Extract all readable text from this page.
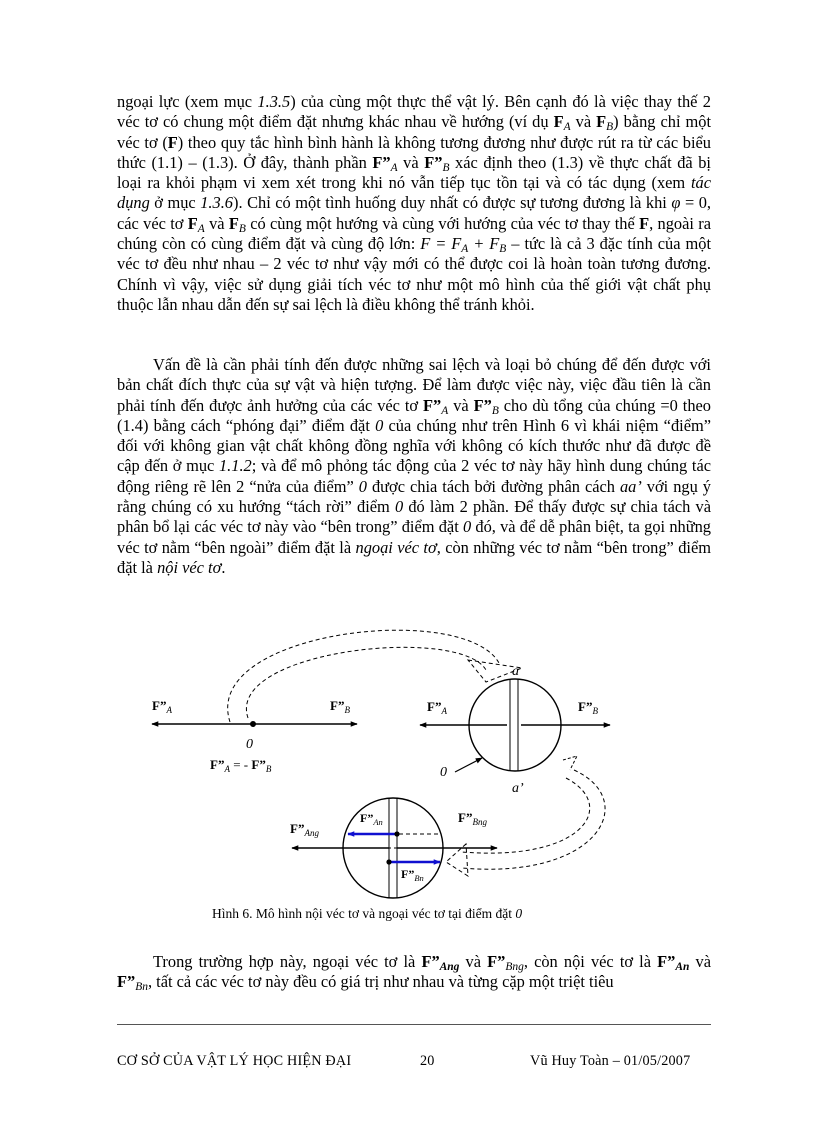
ngoại lực (xem mục 1.3.5) của cùng một thực thể vật lý. Bên cạnh đó là việc thay thế 2 véc tơ có chung một điểm đặt nhưng khác nhau về hướng (ví dụ $F_A$ và $F_B$) bằng chỉ một véc tơ (F) theo quy tắc hình bình hành là không tương đương như được rút ra từ các biểu thức (1.1) – (1.3). Ở đây, thành phần $F”_A$ và $F”_B$ xác định theo (1.3) về thực chất đã bị loại ra khỏi phạm vi xem xét trong khi nó vẫn tiếp tục tồn tại và có tác dụng (xem tác dụng ở mục 1.3.6). Chỉ có một tình huống duy nhất có được sự tương đương là khi φ = 0, các véc tơ $F_A$ và $F_B$ có cùng một hướng và cùng với hướng của véc tơ thay thế F, ngoài ra chúng còn có cùng điểm đặt và cùng độ lớn: $F = F_A + F_B$ – tức là cả 3 đặc tính của một véc tơ đều như nhau – 2 véc tơ như vậy mới có thể được coi là hoàn toàn tương đương. Chính vì vậy, việc sử dụng giải tích véc tơ như một mô hình của thế giới vật chất phụ thuộc lẫn nhau dẫn đến sự sai lệch là điều không thể tránh khỏi.

Vấn đề là cần phải tính đến được những sai lệch và loại bỏ chúng để đến được với bản chất đích thực của sự vật và hiện tượng. Để làm được việc này, việc đầu tiên là cần phải tính đến được ảnh hưởng của các véc tơ $F”_A$ và $F”_B$ cho dù tổng của chúng =0 theo (1.4) bằng cách “phóng đại” điểm đặt 0 của chúng như trên Hình 6 vì khái niệm “điểm” đối với không gian vật chất không đồng nghĩa với không có kích thước như đã được đề cập đến ở mục 1.1.2; và để mô phỏng tác động của 2 véc tơ này hãy hình dung chúng tác động riêng rẽ lên 2 “nửa của điểm” 0 được chia tách bởi đường phân cách aa’ với ngụ ý rằng chúng có xu hướng “tách rời” điểm 0 đó làm 2 phần. Để thấy được sự chia tách và phân bổ lại các véc tơ này vào “bên trong” điểm đặt 0 đó, và để dễ phân biệt, ta gọi những véc tơ nằm “bên ngoài” điểm đặt là ngoại véc tơ, còn những véc tơ nằm “bên trong” điểm đặt là nội véc tơ.

$F”_A$	$F”_B$
0
$F”_A$ = - $F”_B$
a
a’
$F”_A$	$F”_B$
0
$F”_{Ang}$
$F”_{Bng}$
$F”_{An}$
$F”_{Bn}$
Hình 6. Mô hình nội véc tơ và ngoại véc tơ tại điểm đặt 0

Trong trường hợp này, ngoại véc tơ là $F”_{Ang}$ và $F”_{Bng}$, còn nội véc tơ là $F”_{An}$ và $F”_{Bn}$, tất cả các véc tơ này đều có giá trị như nhau và từng cặp một triệt tiêu

CƠ SỞ CỦA VẬT LÝ HỌC HIỆN ĐẠI	20	Vũ Huy Toàn – 01/05/2007
